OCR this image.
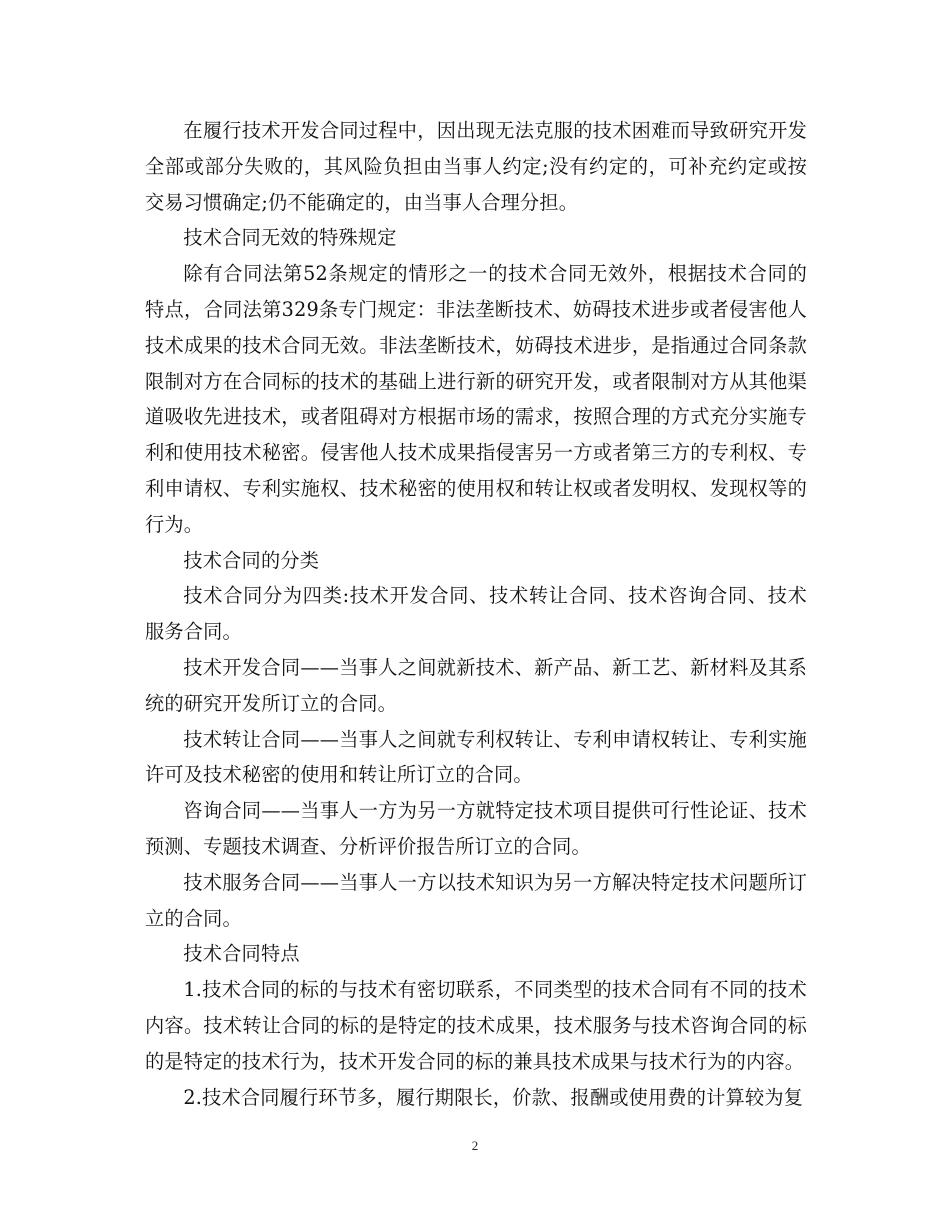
在履行技术开发合同过程中，因出现无法克服的技术困难而导致研究开发全部或部分失败的，其风险负担由当事人约定;没有约定的，可补充约定或按交易习惯确定;仍不能确定的，由当事人合理分担。

技术合同无效的特殊规定

除有合同法第52条规定的情形之一的技术合同无效外，根据技术合同的特点，合同法第329条专门规定：非法垄断技术、妨碍技术进步或者侵害他人技术成果的技术合同无效。非法垄断技术，妨碍技术进步，是指通过合同条款限制对方在合同标的技术的基础上进行新的研究开发，或者限制对方从其他渠道吸收先进技术，或者阻碍对方根据市场的需求，按照合理的方式充分实施专利和使用技术秘密。侵害他人技术成果指侵害另一方或者第三方的专利权、专利申请权、专利实施权、技术秘密的使用权和转让权或者发明权、发现权等的行为。

技术合同的分类

技术合同分为四类:技术开发合同、技术转让合同、技术咨询合同、技术服务合同。

技术开发合同——当事人之间就新技术、新产品、新工艺、新材料及其系统的研究开发所订立的合同。

技术转让合同——当事人之间就专利权转让、专利申请权转让、专利实施许可及技术秘密的使用和转让所订立的合同。

咨询合同——当事人一方为另一方就特定技术项目提供可行性论证、技术预测、专题技术调查、分析评价报告所订立的合同。

技术服务合同——当事人一方以技术知识为另一方解决特定技术问题所订立的合同。

技术合同特点

1.技术合同的标的与技术有密切联系，不同类型的技术合同有不同的技术内容。技术转让合同的标的是特定的技术成果，技术服务与技术咨询合同的标的是特定的技术行为，技术开发合同的标的兼具技术成果与技术行为的内容。

2.技术合同履行环节多，履行期限长，价款、报酬或使用费的计算较为复

2
